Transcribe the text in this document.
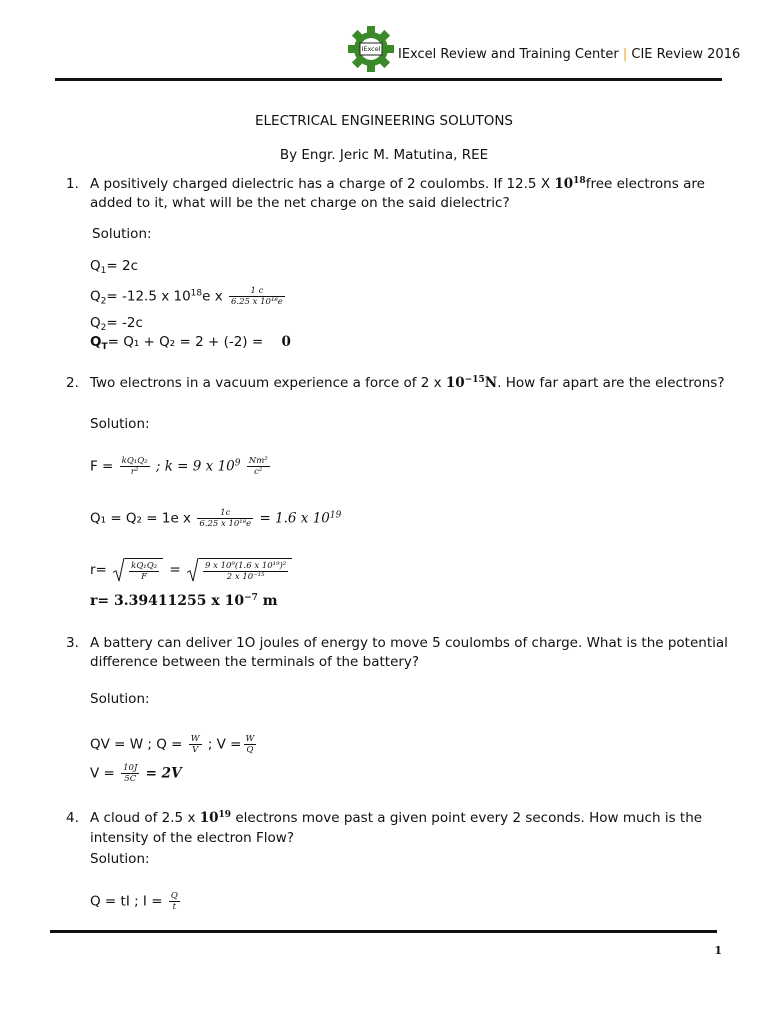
IExcel IExcel Review and Training Center | CIE Review 2016
ELECTRICAL ENGINEERING SOLUTONS
By Engr. Jeric M. Matutina, REE
1. A positively charged dielectric has a charge of 2 coulombs. If 12.5 X $10^{18}free$ electrons are
added to it, what will be the net charge on the said dielectric?
Solution:
$Q_1= 2c$
$Q_2= -12.5$ x $10^{18}e$ x $\frac{1 c}{\text{6.25 x 10¹⁸e}}$
$Q_2= -2c$
$Q_T= Q_1 + Q_2 = 2 + (-2) = 0$
2. Two electrons in a vacuum experience a force of 2 x $10^{-15}N$. How far apart are the electrons?
Solution:
$F = \frac{\text{kQ₁Q₂}}{\text{r²}}$ ; k = 9 x $10^9 \frac{\text{Nm²}}{\text{c²}}$
Q₁ = Q₂ = 1e x $\frac{1c}{\text{6.25 x 10¹⁸e}} = 1.6$ x $10^{19}$
r=	$\frac{\text{kQ₁Q₂}}{F}$ =	$\frac{\text{9 x 10⁹(1.6 x 10¹⁹)²}}{\text{2 x 10⁻¹⁵}}$
r= 3.39411255 x $10^{-7}$ m
3. A battery can deliver 1O joules of energy to move 5 coulombs of charge. What is the potential
difference between the terminals of the battery?
Solution:
QV = W ; $Q = \frac{W}{V}$ ; $V = \frac{W}{Q}$
$V = \frac{10J}{5C} = 2V$
4. A cloud of 2.5 x $10^{19}$ electrons move past a given point every 2 seconds. How much is the
intensity of the electron Flow?
Solution:
Q = tI ; $I = \frac{Q}{t}$
1
